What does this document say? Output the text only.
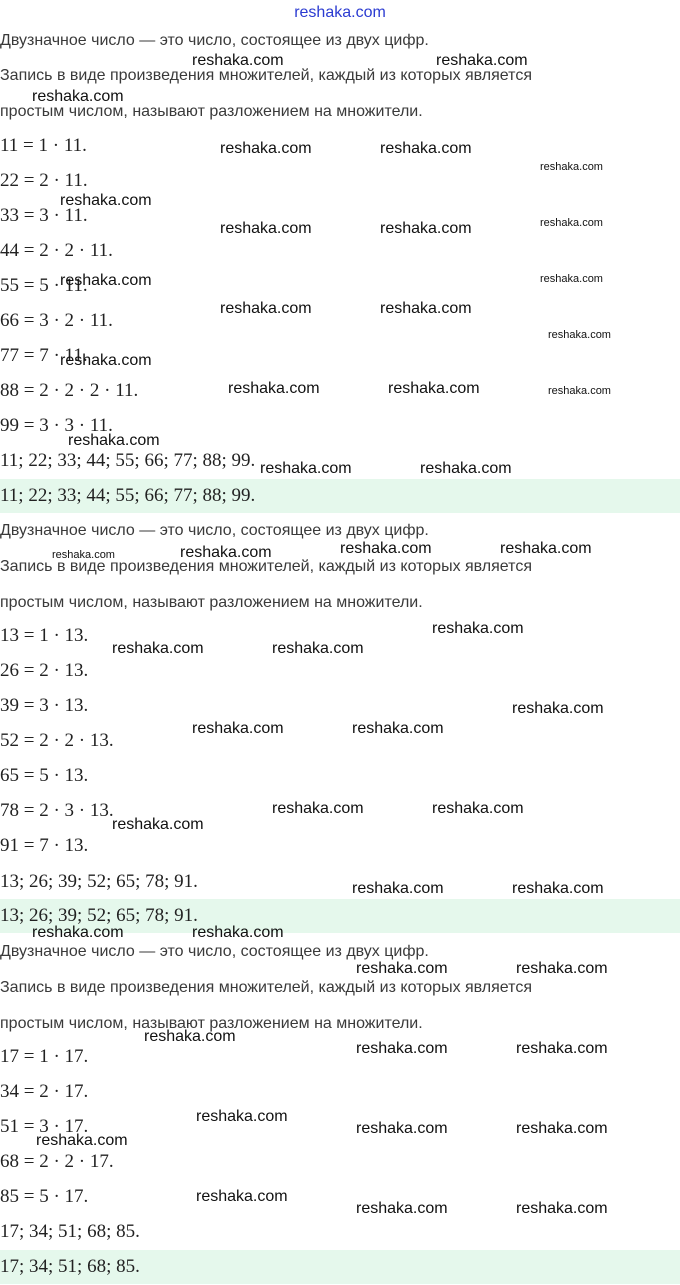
reshaka.com

Двузначное число — это число, состоящее из двух цифр.

Запись в виде произведения множителей, каждый из которых является

простым числом, называют разложением на множители.

11 = 1 · 11.

22 = 2 · 11.

33 = 3 · 11.

44 = 2 · 2 · 11.

55 = 5 · 11.

66 = 3 · 2 · 11.

77 = 7 · 11.

88 = 2 · 2 · 2 · 11.

99 = 3 · 3 · 11.

11; 22; 33; 44; 55; 66; 77; 88; 99.

11; 22; 33; 44; 55; 66; 77; 88; 99.

Двузначное число — это число, состоящее из двух цифр.

Запись в виде произведения множителей, каждый из которых является

простым числом, называют разложением на множители.

13 = 1 · 13.

26 = 2 · 13.

39 = 3 · 13.

52 = 2 · 2 · 13.

65 = 5 · 13.

78 = 2 · 3 · 13.

91 = 7 · 13.

13; 26; 39; 52; 65; 78; 91.

13; 26; 39; 52; 65; 78; 91.

Двузначное число — это число, состоящее из двух цифр.

Запись в виде произведения множителей, каждый из которых является

простым числом, называют разложением на множители.

17 = 1 · 17.

34 = 2 · 17.

51 = 3 · 17.

68 = 2 · 2 · 17.

85 = 5 · 17.

17; 34; 51; 68; 85.

17; 34; 51; 68; 85.

reshaka.com	reshaka.com
reshaka.com
reshaka.com	reshaka.com
reshaka.com
reshaka.com
reshaka.com	reshaka.com	reshaka.com
reshaka.com	reshaka.com
reshaka.com	reshaka.com
reshaka.com
reshaka.com
reshaka.com	reshaka.com	reshaka.com
reshaka.com
reshaka.com	reshaka.com
reshaka.com	reshaka.com	reshaka.com	reshaka.com
reshaka.com
reshaka.com	reshaka.com
reshaka.com
reshaka.com	reshaka.com
reshaka.com	reshaka.com
reshaka.com
reshaka.com	reshaka.com
reshaka.com	reshaka.com
reshaka.com	reshaka.com
reshaka.com
reshaka.com	reshaka.com
reshaka.com
reshaka.com	reshaka.com
reshaka.com
reshaka.com
reshaka.com	reshaka.com
